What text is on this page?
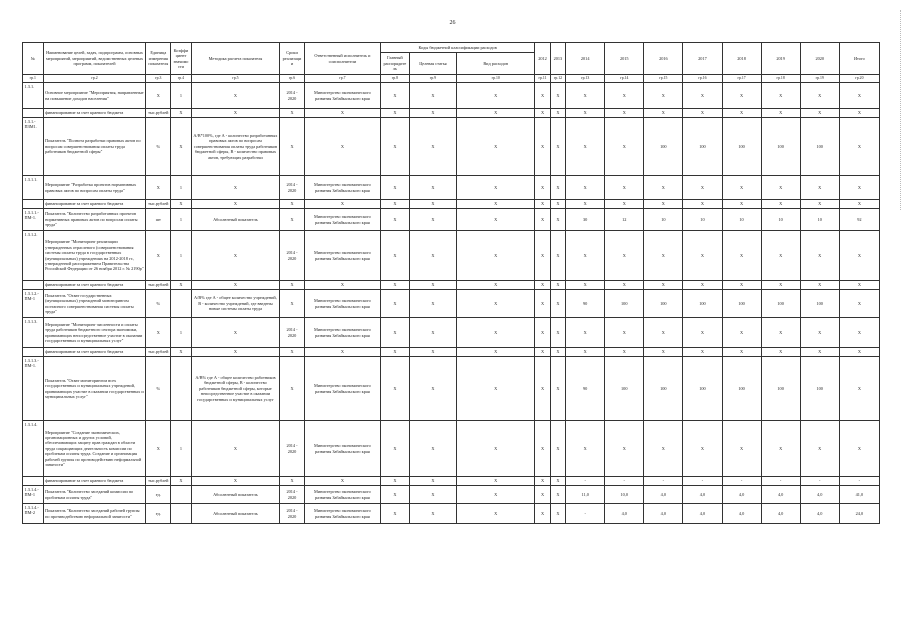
26
№	Наименование целей, задач, подпрограмм, основных мероприятий, мероприятий, ведомственных целевых программ, показателей	Единица измерения показателя	Коэффициент значимости	Методика расчета показателя	Сроки реализации	Ответственный исполнитель и соисполнители	Коды бюджетной классификации расходов			2012	2013	2014	2015	2016	2017	2018	2019	2020	Итого
							Главный распорядитель	Целевая статья	Вид расходов										
гр.1	гр.2	гр.3	гр.4	гр.5	гр.6	гр.7	гр.8	гр.9	гр.10	гр.11	гр.12	гр.13	гр.14	гр.15	гр.16	гр.17	гр.18	гр.19	гр.20
1.3.1.	Основное мероприятие "Мероприятия, направленные на повышение доходов населения"	Х	1	Х	2014 - 2020	Министерство экономического развития Забайкальского края	Х	Х	Х	Х	Х	Х	Х	Х	Х	Х	Х	Х	Х
	финансирование за счет краевого бюджета	тыс.рублей	Х	Х	Х	Х	Х	Х	Х	Х	Х	Х	Х	Х	Х	Х	Х	Х	Х
1.3.1.-ПЗМ1.	Показатель "Полнота разработки правовых актов по вопросам совершенствования оплаты труда работников бюджетной сферы"	%	Х	А/В*100%, где А - количество разработанных правовых актов по вопросам совершенствования оплаты труда работников бюджетной сферы, В - количество правовых актов, требующих разработки	Х	Х	Х	Х	Х	Х	Х	Х	Х	100	100	100	100	100	Х
1.3.1.1.	Мероприятие "Разработка проектов нормативных правовых актов по вопросам оплаты труда"	Х	1	Х	2014 - 2020	Министерство экономического развития Забайкальского края	Х	Х	Х	Х	Х	Х	Х	Х	Х	Х	Х	Х	Х
	финансирование за счет краевого бюджета	тыс.рублей	Х	Х	Х	Х	Х	Х	Х	Х	Х	Х	Х	Х	Х	Х	Х	Х	Х
1.3.1.1.-ПМ-1.	Показатель "Количество разработанных проектов нормативных правовых актов по вопросам оплаты труда"	шт	1	Абсолютный показатель	Х	Министерство экономического развития Забайкальского края	Х	Х	Х	Х	Х	30	12	10	10	10	10	10	92
1.3.1.2.	Мероприятие "Мониторинг реализации утвержденных отраслевого (совершенствования системы оплаты труда в государственных (муниципальных) учреждениях на 2012-2018 гг., утвержденной распоряжением Правительства Российской Федерации от 26 ноября 2012 г. № 2190р"	Х	1	Х	2014 - 2020	Министерство экономического развития Забайкальского края	Х	Х	Х	Х	Х	Х	Х	Х	Х	Х	Х	Х	Х
	финансирование за счет краевого бюджета	тыс.рублей	Х	Х	Х	Х	Х	Х	Х	Х	Х	Х	Х	Х	Х	Х	Х	Х	Х
1.3.1.2.-ПМ-1	Показатель "Охват государственных (муниципальных) учреждений мониторингом поэтапного совершенствования системы оплаты труда"	%		А/В% где А - общее количество учреждений, В - количество учреждений, где введены новые системы оплаты труда	Х	Министерство экономического развития Забайкальского края	Х	Х	Х	Х	Х	90	100	100	100	100	100	100	Х
1.3.1.3.	Мероприятие "Мониторинг численности и оплаты труда работников бюджетного сектора экономики, принимающих непосредственное участие в оказании государственных и муниципальных услуг"	Х	1	Х	2014 - 2020	Министерство экономического развития Забайкальского края	Х	Х	Х	Х	Х	Х	Х	Х	Х	Х	Х	Х	Х
	финансирование за счет краевого бюджета	тыс.рублей	Х	Х	Х	Х	Х	Х	Х	Х	Х	Х	Х	Х	Х	Х	Х	Х	Х
1.3.1.3.-ПМ-1.	Показатель "Охват мониторингом всех государственных и муниципальных учреждений, принимающих участие в оказании государственных и муниципальных услуг"	%		А/В% где А - общее количество работников бюджетной сферы, В - количество работников бюджетной сферы, которые непосредственное участие в оказании государственных и муниципальных услуг	Х	Министерство экономического развития Забайкальского края	Х	Х	Х	Х	Х	90	100	100	100	100	100	100	Х
1.3.1.4.	Мероприятие "Создание экономических, организационных и других условий, обеспечивающих защиту прав граждан в области труда сокращающих деятельность комиссии по проблемам оплаты труда. Создание и организация рабочей группы по противодействию неформальной занятости"	Х	1	Х	2014 - 2020	Министерство экономического развития Забайкальского края	Х	Х	Х	Х	Х	Х	Х	Х	Х	Х	Х	Х	Х
	финансирование за счет краевого бюджета	тыс.рублей	Х	Х	Х	Х	Х	Х	Х	Х	Х	-	-	-	-	-	-	-	-
1.3.1.4.-ПМ-1	Показатель "Количество заседаний комиссии по проблемам оплаты труда"	ед.		Абсолютный показатель	2014 - 2020	Министерство экономического развития Забайкальского края	Х	Х	Х	Х	Х	11,0	10,0	4,0	4,0	4,0	4,0	4,0	41,0
1.3.1.4.-ПМ-2	Показатель "Количество заседаний рабочей группы по противодействию неформальной занятости"	ед.		Абсолютный показатель	2014 - 2020	Министерство экономического развития Забайкальского края	Х	Х	Х	Х	Х	-	4,0	4,0	4,0	4,0	4,0	4,0	24,0
